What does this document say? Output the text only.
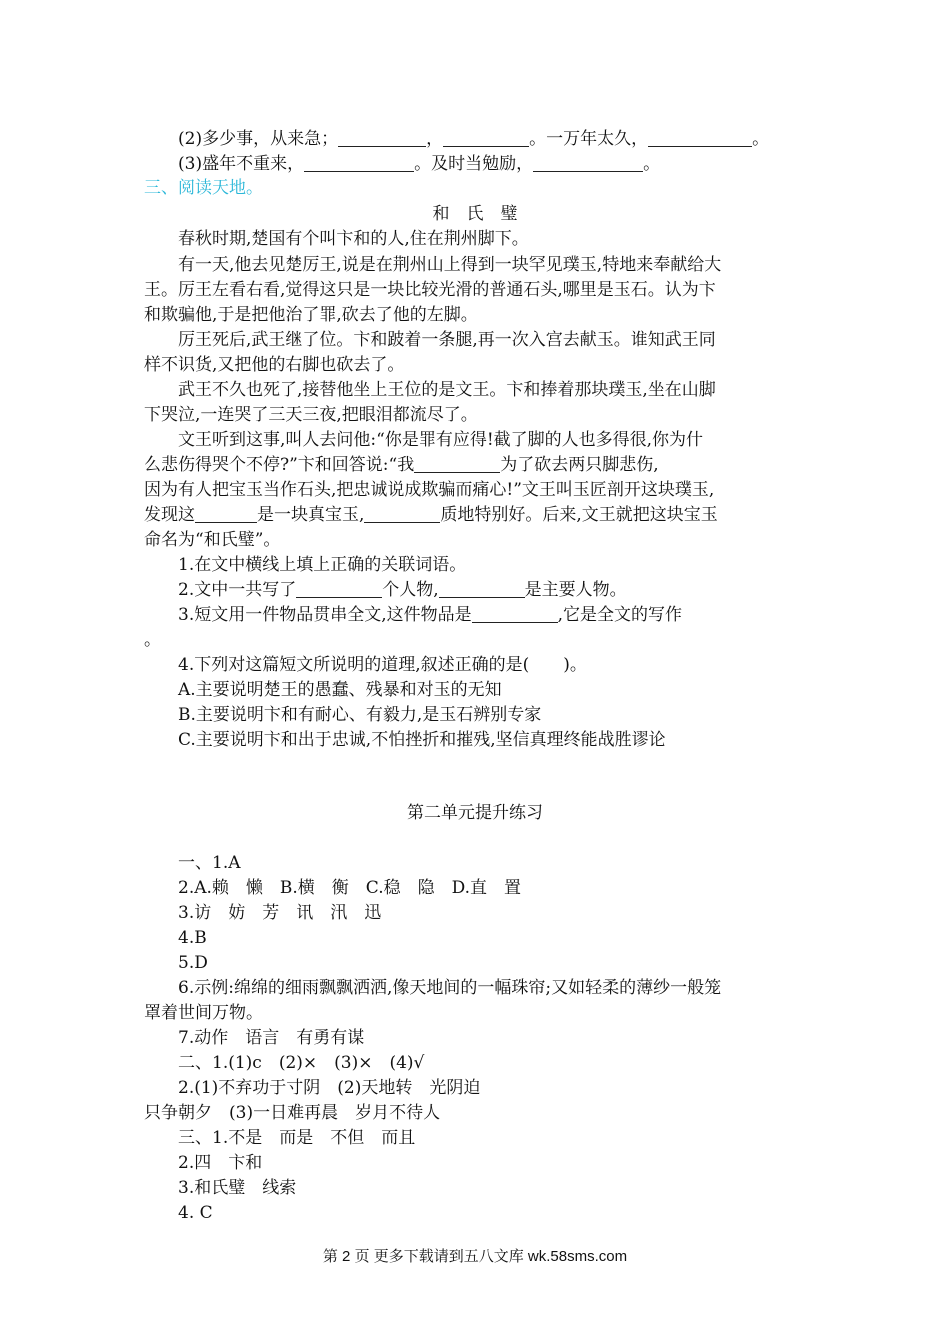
(2)多少事，从来急；	，	。一万年太久，	。
(3)盛年不重来，	。及时当勉励，	。
三、阅读天地。
和　氏　璧
春秋时期,楚国有个叫卞和的人,住在荆州脚下。
有一天,他去见楚厉王,说是在荆州山上得到一块罕见璞玉,特地来奉献给大
王。厉王左看右看,觉得这只是一块比较光滑的普通石头,哪里是玉石。认为卞
和欺骗他,于是把他治了罪,砍去了他的左脚。
厉王死后,武王继了位。卞和跛着一条腿,再一次入宫去献玉。谁知武王同
样不识货,又把他的右脚也砍去了。
武王不久也死了,接替他坐上王位的是文王。卞和捧着那块璞玉,坐在山脚
下哭泣,一连哭了三天三夜,把眼泪都流尽了。
文王听到这事,叫人去问他:“你是罪有应得!截了脚的人也多得很,你为什
么悲伤得哭个不停?”卞和回答说:“我	为了砍去两只脚悲伤,
因为有人把宝玉当作石头,把忠诚说成欺骗而痛心!”文王叫玉匠剖开这块璞玉,
发现这	是一块真宝玉,	质地特别好。后来,文王就把这块宝玉
命名为“和氏璧”。
1.在文中横线上填上正确的关联词语。
2.文中一共写了	个人物,	是主要人物。
3.短文用一件物品贯串全文,这件物品是	,它是全文的写作
。
4.下列对这篇短文所说明的道理,叙述正确的是(　　)。
A.主要说明楚王的愚蠢、残暴和对玉的无知
B.主要说明卞和有耐心、有毅力,是玉石辨别专家
C.主要说明卞和出于忠诚,不怕挫折和摧残,坚信真理终能战胜谬论
第二单元提升练习
一、1.A
2.A.赖　懒　B.横　衡　C.稳　隐　D.直　置
3.访　妨　芳　讯　汛　迅
4.B
5.D
6.示例:绵绵的细雨飘飘洒洒,像天地间的一幅珠帘;又如轻柔的薄纱一般笼
罩着世间万物。
7.动作　语言　有勇有谋
二、1.(1)c　(2)×　(3)×　(4)√
2.(1)不弃功于寸阴　(2)天地转　光阴迫
只争朝夕　(3)一日难再晨　岁月不待人
三、1.不是　而是　不但　而且
2.四　卞和
3.和氏璧　线索
4. C
第 2 页 更多下载请到五八文库 wk.58sms.com
